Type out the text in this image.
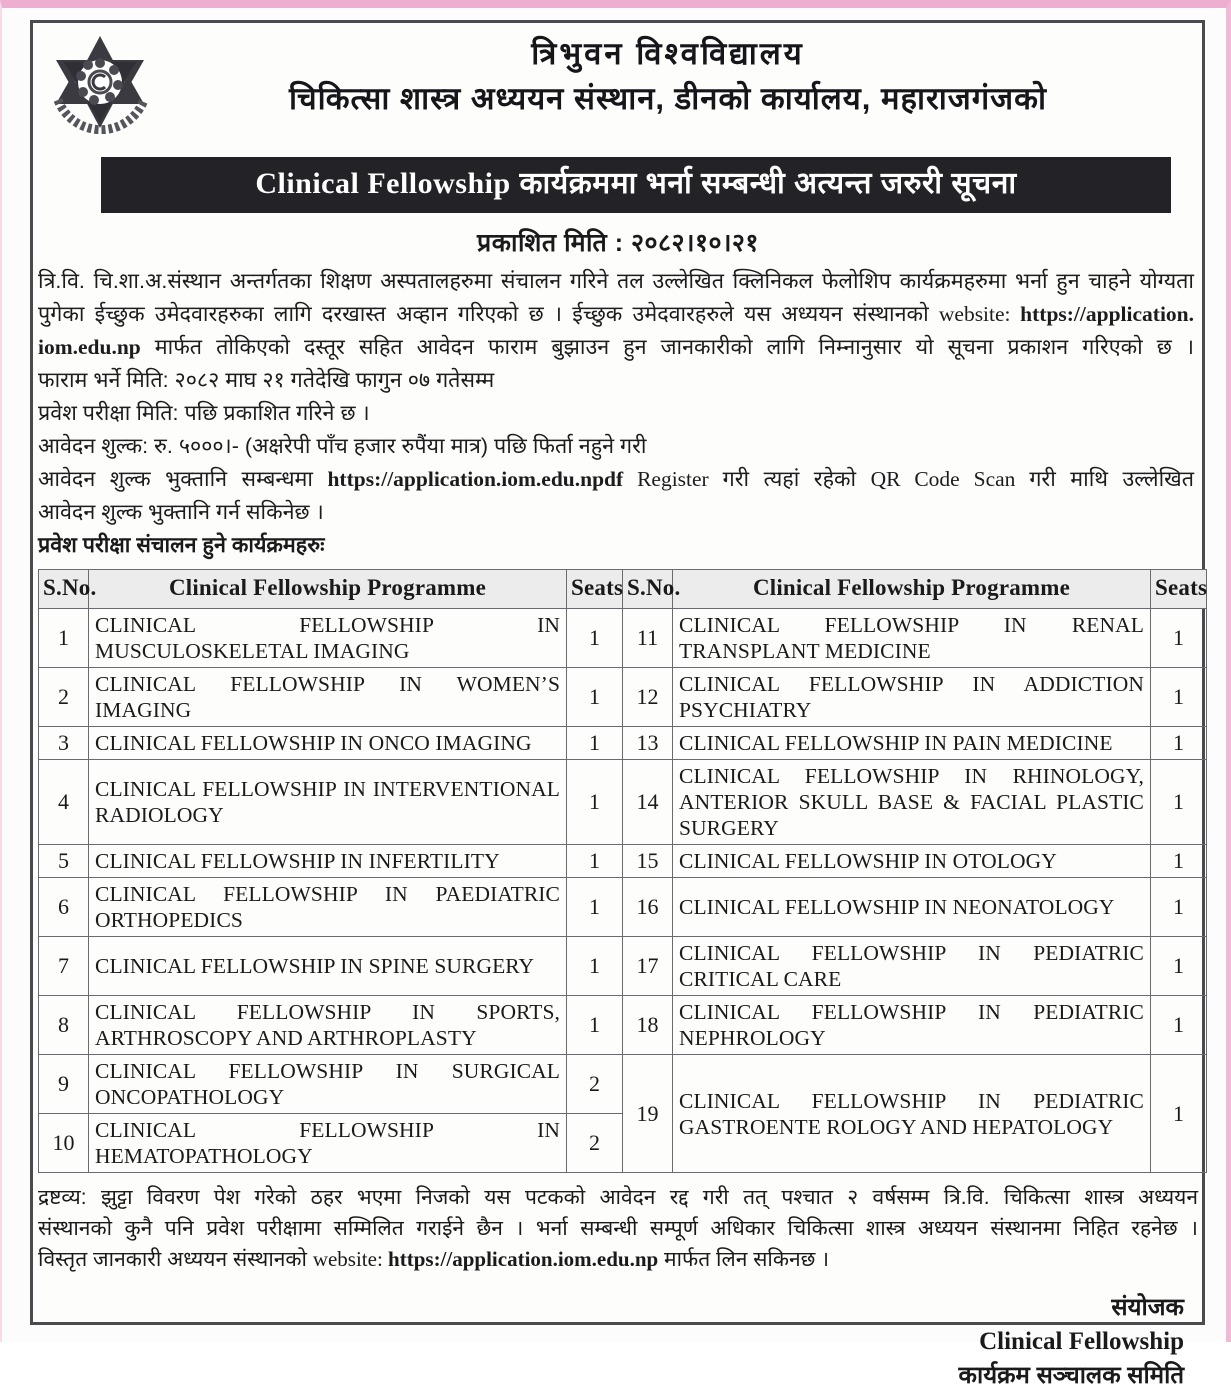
त्रिभुवन विश्वविद्यालय
चिकित्सा शास्त्र अध्ययन संस्थान, डीनको कार्यालय, महाराजगंजको
Clinical Fellowship कार्यक्रममा भर्ना सम्बन्धी अत्यन्त जरुरी सूचना
प्रकाशित मिति : २०८२।१०।२१
त्रि.वि. चि.शा.अ.संस्थान अन्तर्गतका शिक्षण अस्पतालहरुमा संचालन गरिने तल उल्लेखित क्लिनिकल फेलोशिप कार्यक्रमहरुमा भर्ना हुन चाहने योग्यता
पुगेका ईच्छुक उमेदवारहरुका लागि दरखास्त अव्हान गरिएको छ । ईच्छुक उमेदवारहरुले यस अध्ययन संस्थानको website: https://application.
iom.edu.np मार्फत तोकिएको दस्तूर सहित आवेदन फाराम बुझाउन हुन जानकारीको लागि निम्नानुसार यो सूचना प्रकाशन गरिएको छ ।
फाराम भर्ने मिति: २०८२ माघ २१ गतेदेखि फागुन ०७ गतेसम्म
प्रवेश परीक्षा मिति: पछि प्रकाशित गरिने छ ।
आवेदन शुल्क: रु. ५०००।- (अक्षरेपी पाँच हजार रुपैंया मात्र) पछि फिर्ता नहुने गरी
आवेदन शुल्क भुक्तानि सम्बन्धमा https://application.iom.edu.npdf Register गरी त्यहां रहेको QR Code Scan गरी माथि उल्लेखित
आवेदन शुल्क भुक्तानि गर्न सकिनेछ ।
प्रवेश परीक्षा संचालन हुने कार्यक्रमहरुः
S.No.	Clinical Fellowship Programme	Seats	S.No.	Clinical Fellowship Programme	Seats
1	CLINICAL FELLOWSHIP IN MUSCULOSKELETAL IMAGING	1	11	CLINICAL FELLOWSHIP IN RENAL TRANSPLANT MEDICINE	1
2	CLINICAL FELLOWSHIP IN WOMEN’S IMAGING	1	12	CLINICAL FELLOWSHIP IN ADDICTION PSYCHIATRY	1
3	CLINICAL FELLOWSHIP IN ONCO IMAGING	1	13	CLINICAL FELLOWSHIP IN PAIN MEDICINE	1
4	CLINICAL FELLOWSHIP IN INTERVENTIONAL RADIOLOGY	1	14	CLINICAL FELLOWSHIP IN RHINOLOGY, ANTERIOR SKULL BASE & FACIAL PLASTIC SURGERY	1
5	CLINICAL FELLOWSHIP IN INFERTILITY	1	15	CLINICAL FELLOWSHIP IN OTOLOGY	1
6	CLINICAL FELLOWSHIP IN PAEDIATRIC ORTHOPEDICS	1	16	CLINICAL FELLOWSHIP IN NEONATOLOGY	1
7	CLINICAL FELLOWSHIP IN SPINE SURGERY	1	17	CLINICAL FELLOWSHIP IN PEDIATRIC CRITICAL CARE	1
8	CLINICAL FELLOWSHIP IN SPORTS, ARTHROSCOPY AND ARTHROPLASTY	1	18	CLINICAL FELLOWSHIP IN PEDIATRIC NEPHROLOGY	1
9	CLINICAL FELLOWSHIP IN SURGICAL ONCOPATHOLOGY	2	19	CLINICAL FELLOWSHIP IN PEDIATRIC GASTROENTE ROLOGY AND HEPATOLOGY	1
10	CLINICAL FELLOWSHIP IN HEMATOPATHOLOGY	2			
द्रष्टव्य: झुट्टा विवरण पेश गरेको ठहर भएमा निजको यस पटकको आवेदन रद्द गरी तत् पश्चात २ वर्षसम्म त्रि.वि. चिकित्सा शास्त्र अध्ययन
संस्थानको कुनै पनि प्रवेश परीक्षामा सम्मिलित गराईने छैन । भर्ना सम्बन्धी सम्पूर्ण अधिकार चिकित्सा शास्त्र अध्ययन संस्थानमा निहित रहनेछ ।
विस्तृत जानकारी अध्ययन संस्थानको website: https://application.iom.edu.np मार्फत लिन सकिनछ ।
संयोजक
Clinical Fellowship
कार्यक्रम सञ्चालक समिति
